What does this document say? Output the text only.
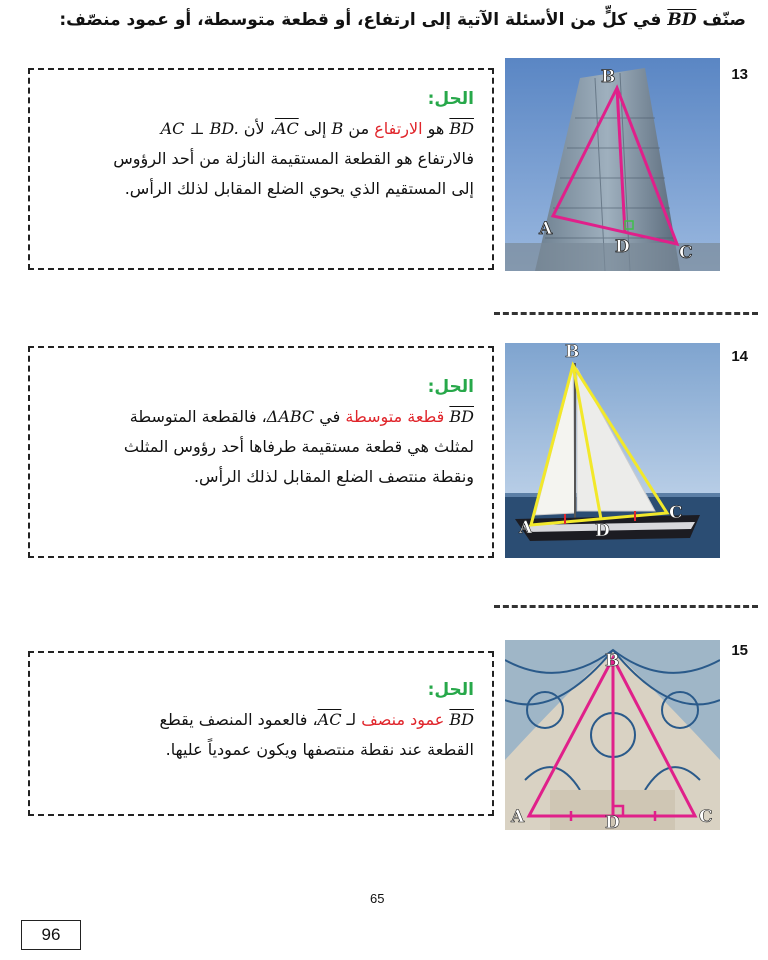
صنّف $\overline{BD}$ في كلٍّ من الأسئلة الآتية إلى ارتفاع، أو قطعة متوسطة، أو عمود منصّف:
13
B
A
D	C
الحل:
$\overline{BD}$ هو الارتفاع من B إلى $\overline{AC}،$ لأن AC ⊥ BD.
فالارتفاع هو القطعة المستقيمة النازلة من أحد الرؤوس
إلى المستقيم الذي يحوي الضلع المقابل لذلك الرأس.
14
B
A	D
C
الحل:
$\overline{BD}$ قطعة متوسطة في ΔABC، فالقطعة المتوسطة
لمثلث هي قطعة مستقيمة طرفاها أحد رؤوس المثلث
ونقطة منتصف الضلع المقابل لذلك الرأس.
15
B
A	D	C
الحل:
$\overline{BD}$ عمود منصف لـ $\overline{AC}،$ فالعمود المنصف يقطع
القطعة عند نقطة منتصفها ويكون عمودياً عليها.
65
96
